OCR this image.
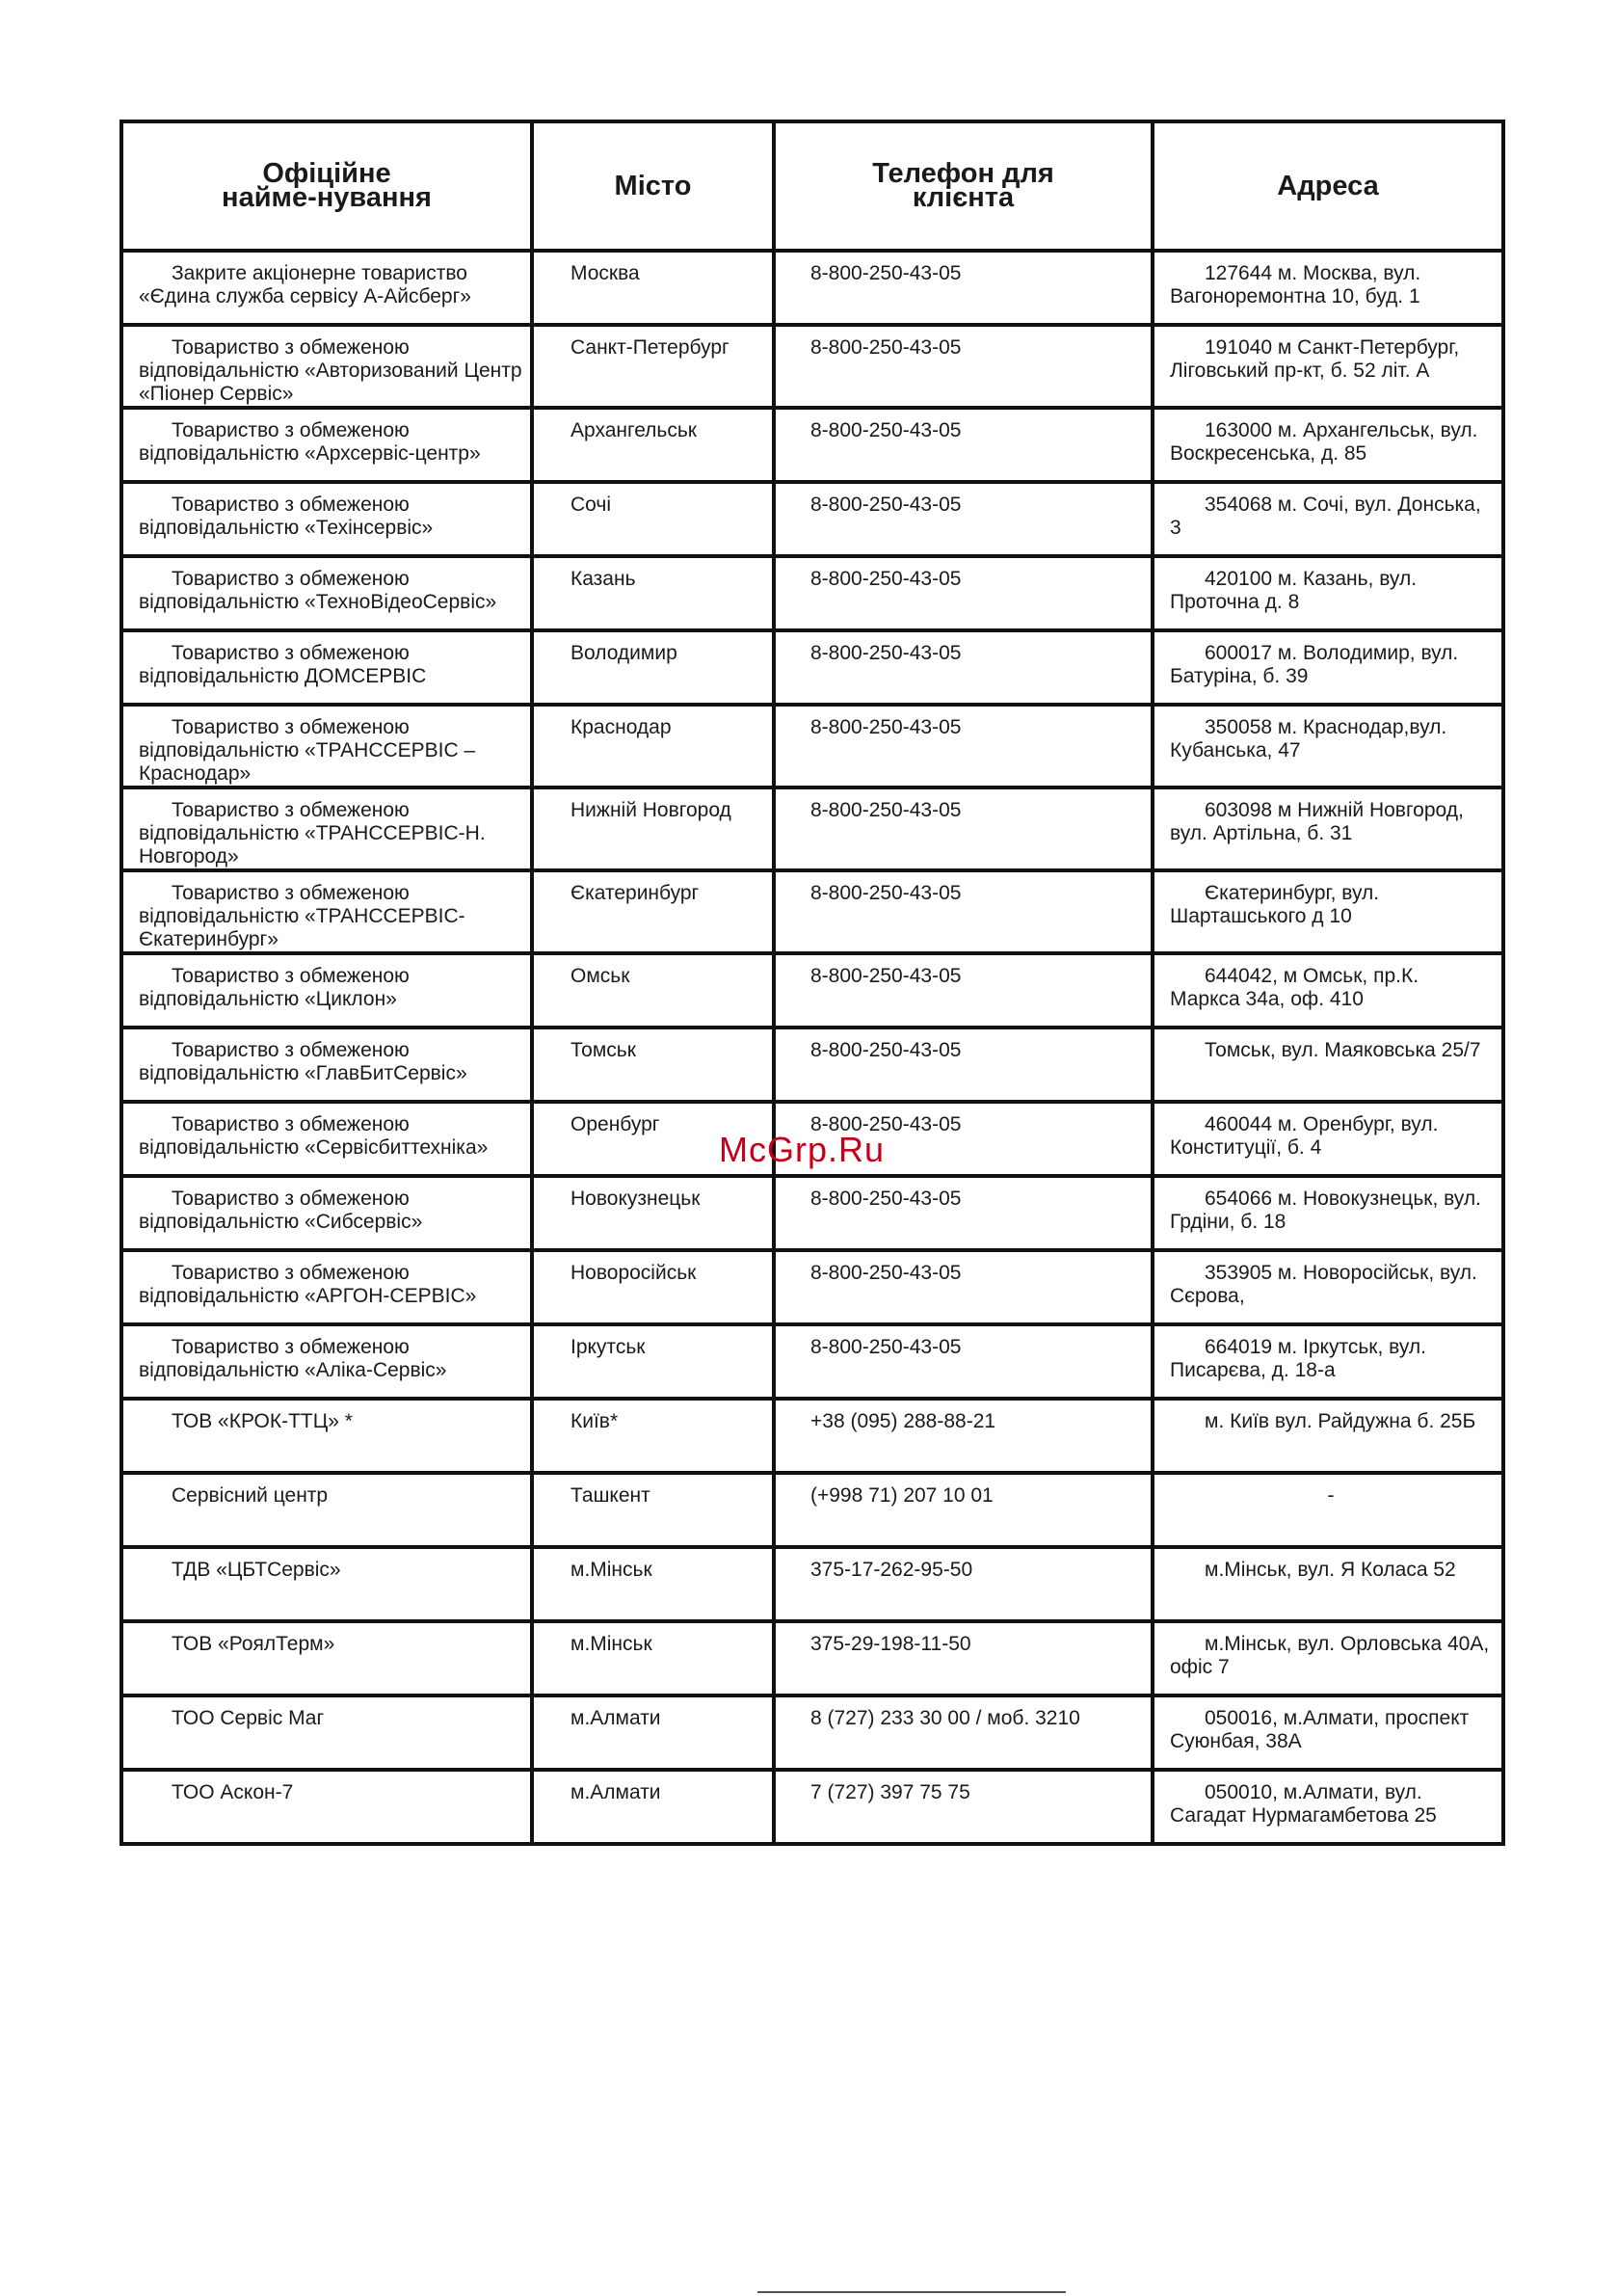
Офіційне найме-нування	Місто	Телефон для клієнта	Адреса

Закрите акціонерне товариство «Єдина служба сервісу А-Айсберг»	Москва	8-800-250-43-05	127644 м. Москва, вул. Вагоноремонтна 10, буд. 1

Товариство з обмеженою відповідальністю «Авторизований Центр «Піонер Сервіс»	Санкт-Петербург	8-800-250-43-05	191040 м Санкт-Петербург, Лiговський пр-кт, б. 52 лiт. А

Товариство з обмеженою відповідальністю «Архсервіс-центр»	Архангельськ	8-800-250-43-05	163000 м. Архангельськ, вул. Воскресенська, д. 85

Товариство з обмеженою відповідальністю «Техінсервіс»	Сочі	8-800-250-43-05	354068 м. Сочі, вул. Донська, 3

Товариство з обмеженою відповідальністю «ТехноВідеоСервіс»	Казань	8-800-250-43-05	420100 м. Казань, вул. Проточна д. 8

Товариство з обмеженою відповідальністю ДОМСЕРВІС	Володимир	8-800-250-43-05	600017 м. Володимир, вул. Батуріна, б. 39

Товариство з обмеженою відповідальністю «ТРАНССЕРВІС – Краснодар»	Краснодар	8-800-250-43-05	350058 м. Краснодар,вул. Кубанська, 47

Товариство з обмеженою відповідальністю «ТРАНССЕРВІС-Н. Новгород»	Нижній Новгород	8-800-250-43-05	603098 м Нижній Новгород, вул. Артільна, б. 31

Товариство з обмеженою відповідальністю «ТРАНССЕРВІС-Єкатеринбург»	Єкатеринбург	8-800-250-43-05	Єкатеринбург, вул. Шарташського д 10

Товариство з обмеженою відповідальністю «Циклон»	Омськ	8-800-250-43-05	644042, м Омськ, пр.К. Маркса 34а, оф. 410

Товариство з обмеженою відповідальністю «ГлавБитСервіс»	Томськ	8-800-250-43-05	Томськ, вул. Маяковська 25/7

Товариство з обмеженою відповідальністю «Сервісбиттехніка»	Оренбург	8-800-250-43-05	460044 м. Оренбург, вул. Конституції, б. 4

Товариство з обмеженою відповідальністю «Сибсервіс»	Новокузнецьк	8-800-250-43-05	654066 м. Новокузнецьк, вул. Грдіни, б. 18

Товариство з обмеженою відповідальністю «АРГОН-СЕРВІС»	Новоросійськ	8-800-250-43-05	353905 м. Новоросійськ, вул. Сєрова,

Товариство з обмеженою відповідальністю «Аліка-Сервіс»	Іркутськ	8-800-250-43-05	664019 м. Іркутськ, вул. Писарєва, д. 18-а

ТОВ «КРОК-ТТЦ» *	Київ*	+38 (095) 288-88-21	м. Київ вул. Райдужна б. 25Б

Сервісний центр	Ташкент	(+998 71) 207 10 01	-

ТДВ «ЦБТСервіс»	м.Мінськ	375-17-262-95-50	м.Мінськ, вул. Я Коласа 52

ТОВ «РоялТерм»	м.Мінськ	375-29-198-11-50	м.Мінськ, вул. Орловська 40А, офіс 7

ТОО Сервіс Маг	м.Алмати	8 (727) 233 30 00 / моб. 3210	050016, м.Алмати, проспект Суюнбая, 38А

ТОО Аскон-7	м.Алмати	7 (727) 397 75 75	050010, м.Алмати, вул. Сагадат Нурмагамбетова 25
McGrp.Ru
